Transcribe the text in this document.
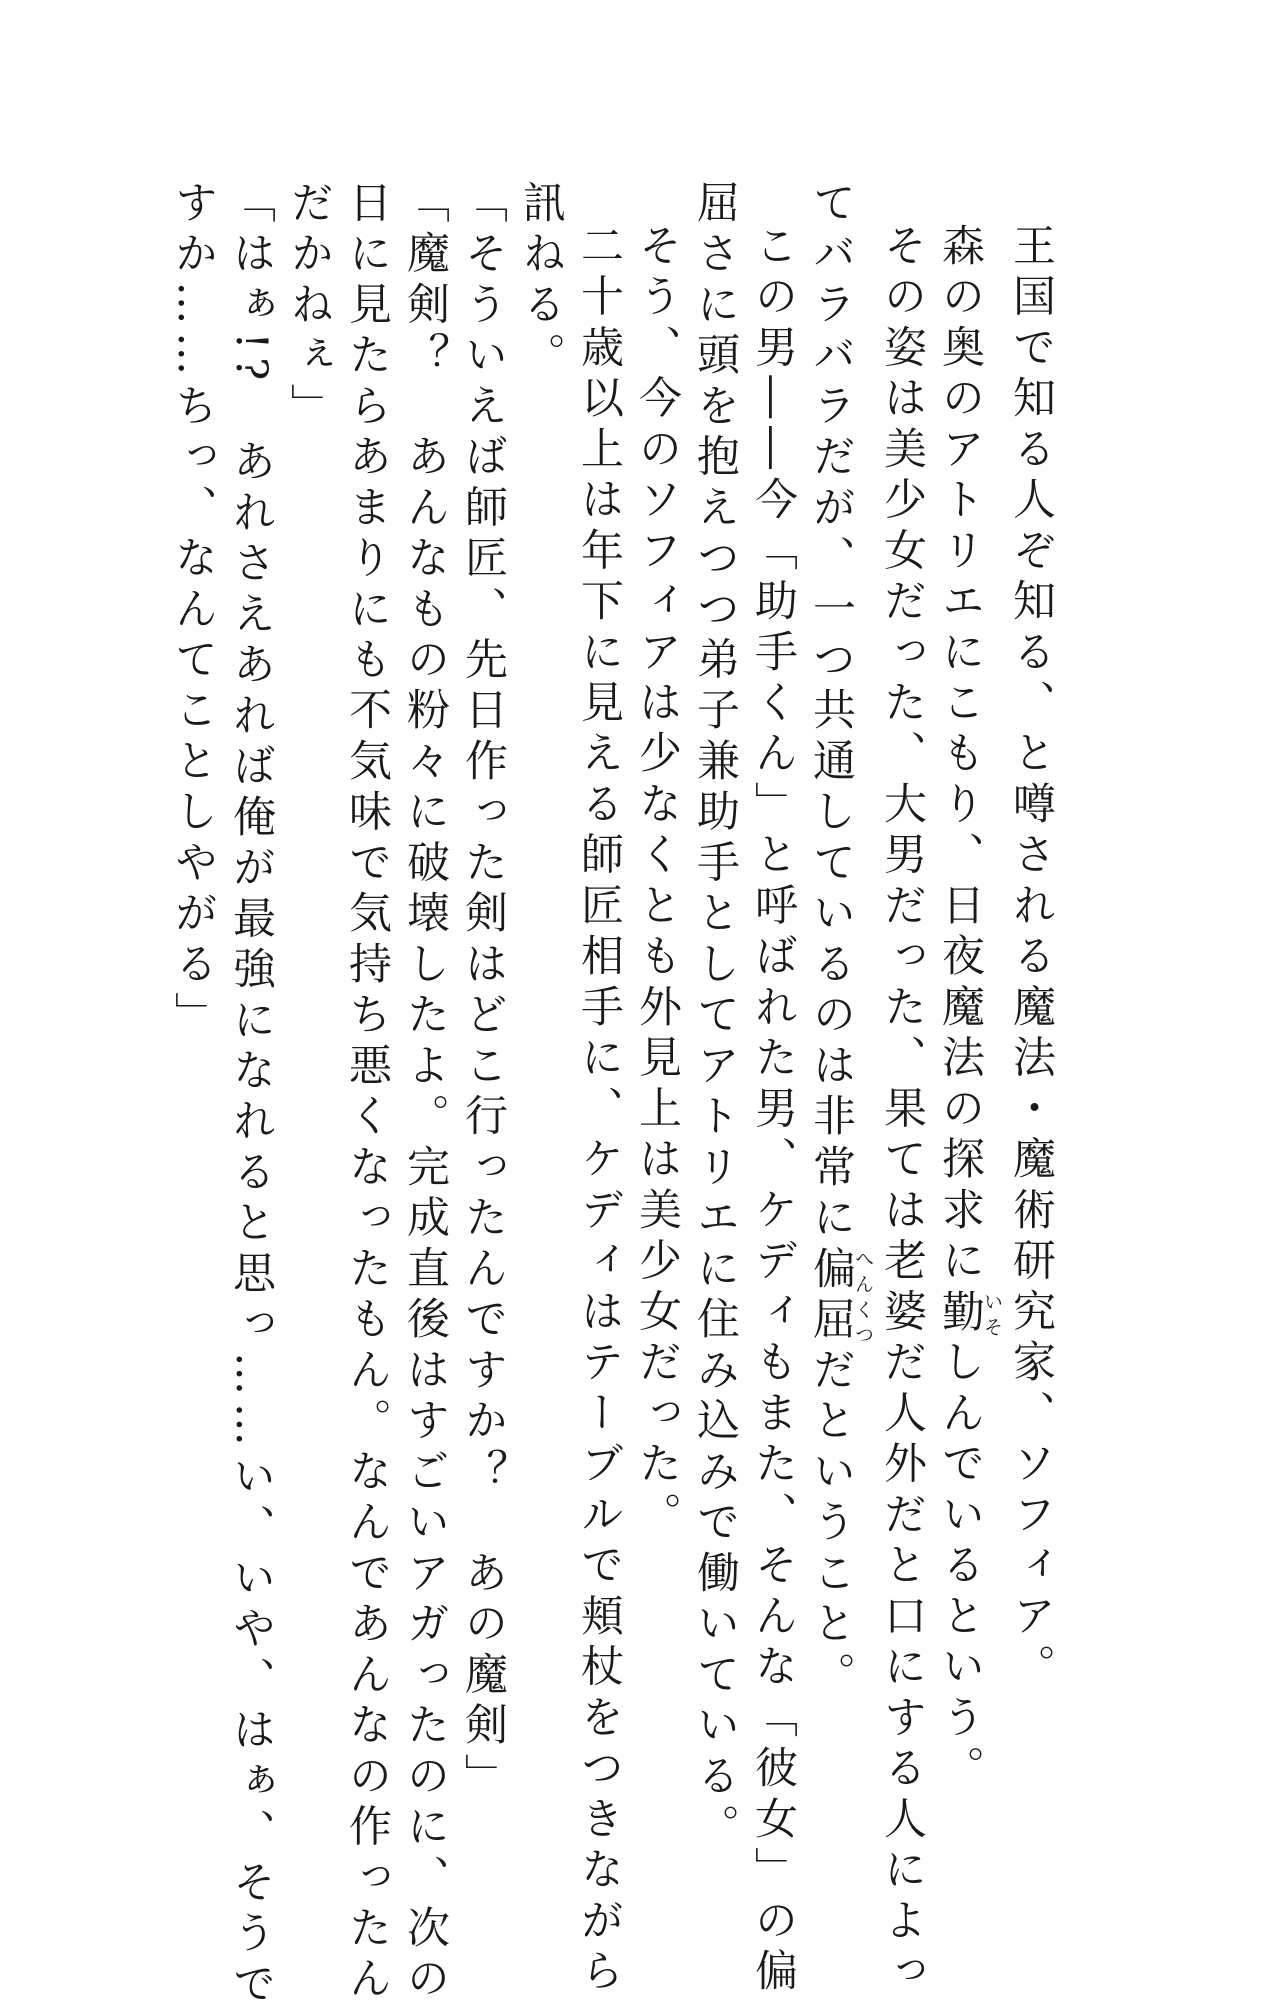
王国で知る人ぞ知る、と噂される魔法・魔術研究家、ソフィア。
森の奥のアトリエにこもり、日夜魔法の探求に勤いそしんでいるという。
その姿は美少女だった、大男だった、果ては老婆だ人外だと口にする人によっ
てバラバラだが、一つ共通しているのは非常に偏屈へんくつだということ。
この男――今「助手くん」と呼ばれた男、ケディもまた、そんな「彼女」の偏
屈さに頭を抱えつつ弟子兼助手としてアトリエに住み込みで働いている。
そう、今のソフィアは少なくとも外見上は美少女だった。
二十歳以上は年下に見える師匠相手に、ケディはテーブルで頬杖をつきながら
訊ねる。
「そういえば師匠、先日作った剣はどこ行ったんですか？　あの魔剣」
「魔剣？　あんなもの粉々に破壊したよ。完成直後はすごいアガったのに、次の
日に見たらあまりにも不気味で気持ち悪くなったもん。なんであんなの作ったん
だかねぇ」
「はぁ!?　あれさえあれば俺が最強になれると思っ……い、いや、はぁ、そうで
すか……ちっ、なんてことしやがる」
